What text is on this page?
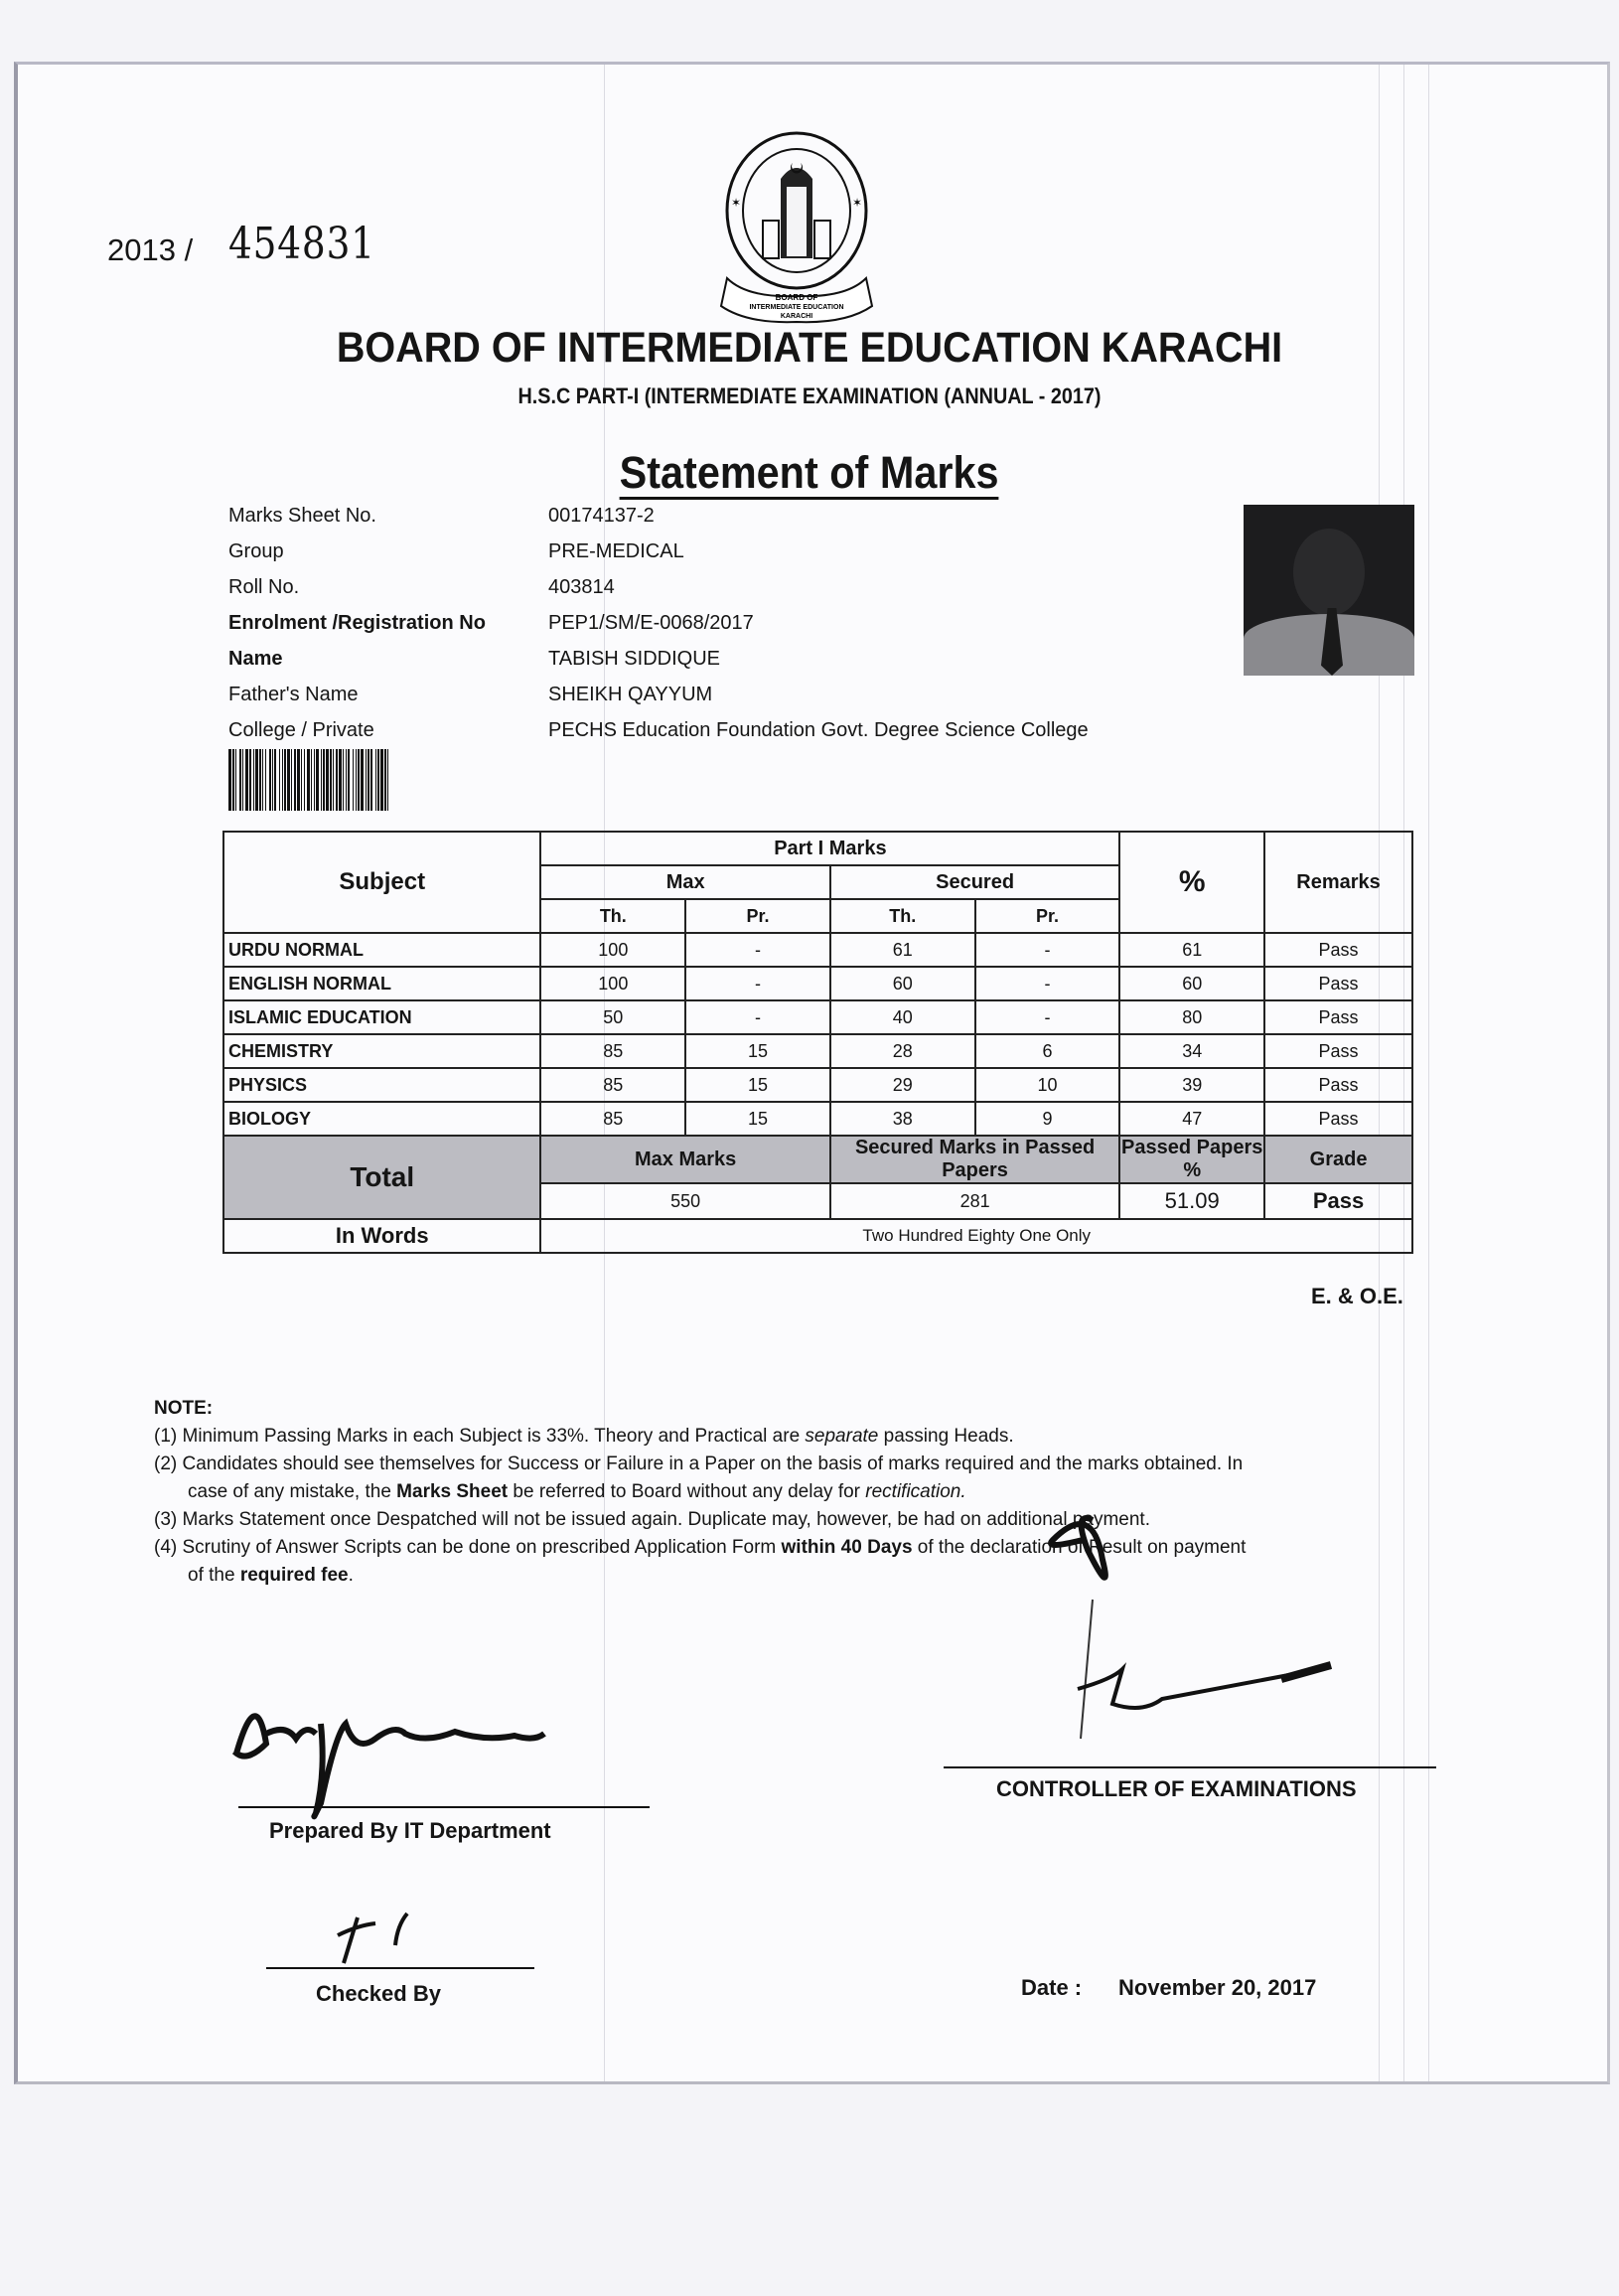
2013 / 454831
BOARD OF
INTERMEDIATE EDUCATION
KARACHI
✶	✶
BOARD OF INTERMEDIATE EDUCATION KARACHI
H.S.C PART-I (INTERMEDIATE EXAMINATION (ANNUAL - 2017)
Statement of Marks
Marks Sheet No.	00174137-2
Group	PRE-MEDICAL
Roll No.	403814
Enrolment /Registration No	PEP1/SM/E-0068/2017
Name	TABISH SIDDIQUE
Father's Name	SHEIKH QAYYUM
College / Private	PECHS Education Foundation Govt. Degree Science College
Subject	Part I Marks				%	Remarks
	Max		Secured			
	Th.	Pr.	Th.	Pr.		
URDU NORMAL	100	-	61	-	61	Pass
ENGLISH NORMAL	100	-	60	-	60	Pass
ISLAMIC EDUCATION	50	-	40	-	80	Pass
CHEMISTRY	85	15	28	6	34	Pass
PHYSICS	85	15	29	10	39	Pass
BIOLOGY	85	15	38	9	47	Pass
Total	Max Marks		Secured Marks in Passed Papers		Passed Papers %	Grade
	550		281		51.09	Pass
In Words	Two Hundred Eighty One Only					
E. & O.E.
NOTE:
(1) Minimum Passing Marks in each Subject is 33%. Theory and Practical are separate passing Heads.
(2) Candidates should see themselves for Success or Failure in a Paper on the basis of marks required and the marks obtained. In case of any mistake, the Marks Sheet be referred to Board without any delay for rectification.
(3) Marks Statement once Despatched will not be issued again. Duplicate may, however, be had on additional payment.
(4) Scrutiny of Answer Scripts can be done on prescribed Application Form within 40 Days of the declaration of Result on payment of the required fee.
CONTROLLER OF EXAMINATIONS
Prepared By IT Department
Checked By	Date : November 20, 2017
